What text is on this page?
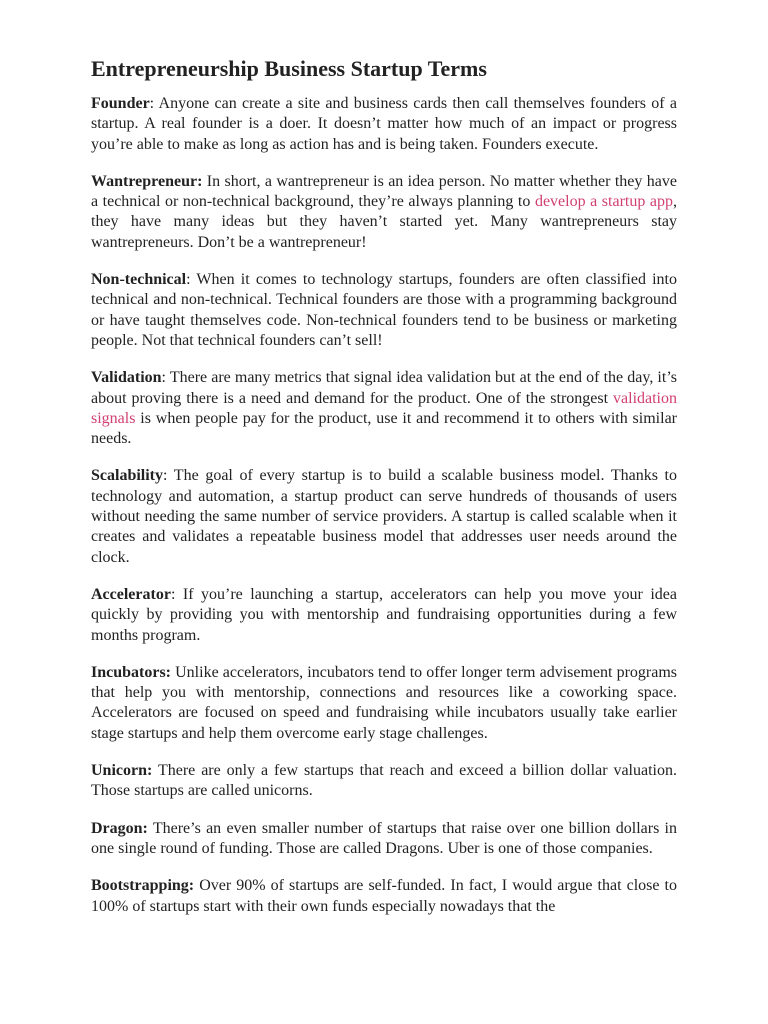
Entrepreneurship Business Startup Terms

Founder: Anyone can create a site and business cards then call themselves founders of a startup. A real founder is a doer. It doesn’t matter how much of an impact or progress you’re able to make as long as action has and is being taken. Founders execute.

Wantrepreneur: In short, a wantrepreneur is an idea person. No matter whether they have a technical or non-technical background, they’re always planning to develop a startup app, they have many ideas but they haven’t started yet. Many wantrepreneurs stay wantrepreneurs. Don’t be a wantrepreneur!

Non-technical: When it comes to technology startups, founders are often classified into technical and non-technical. Technical founders are those with a programming background or have taught themselves code. Non-technical founders tend to be business or marketing people. Not that technical founders can’t sell!

Validation: There are many metrics that signal idea validation but at the end of the day, it’s about proving there is a need and demand for the product. One of the strongest validation signals is when people pay for the product, use it and recommend it to others with similar needs.

Scalability: The goal of every startup is to build a scalable business model. Thanks to technology and automation, a startup product can serve hundreds of thousands of users without needing the same number of service providers. A startup is called scalable when it creates and validates a repeatable business model that addresses user needs around the clock.

Accelerator: If you’re launching a startup, accelerators can help you move your idea quickly by providing you with mentorship and fundraising opportunities during a few months program.

Incubators: Unlike accelerators, incubators tend to offer longer term advisement programs that help you with mentorship, connections and resources like a coworking space. Accelerators are focused on speed and fundraising while incubators usually take earlier stage startups and help them overcome early stage challenges.

Unicorn: There are only a few startups that reach and exceed a billion dollar valuation. Those startups are called unicorns.

Dragon: There’s an even smaller number of startups that raise over one billion dollars in one single round of funding. Those are called Dragons. Uber is one of those companies.

Bootstrapping: Over 90% of startups are self-funded. In fact, I would argue that close to 100% of startups start with their own funds especially nowadays that the
